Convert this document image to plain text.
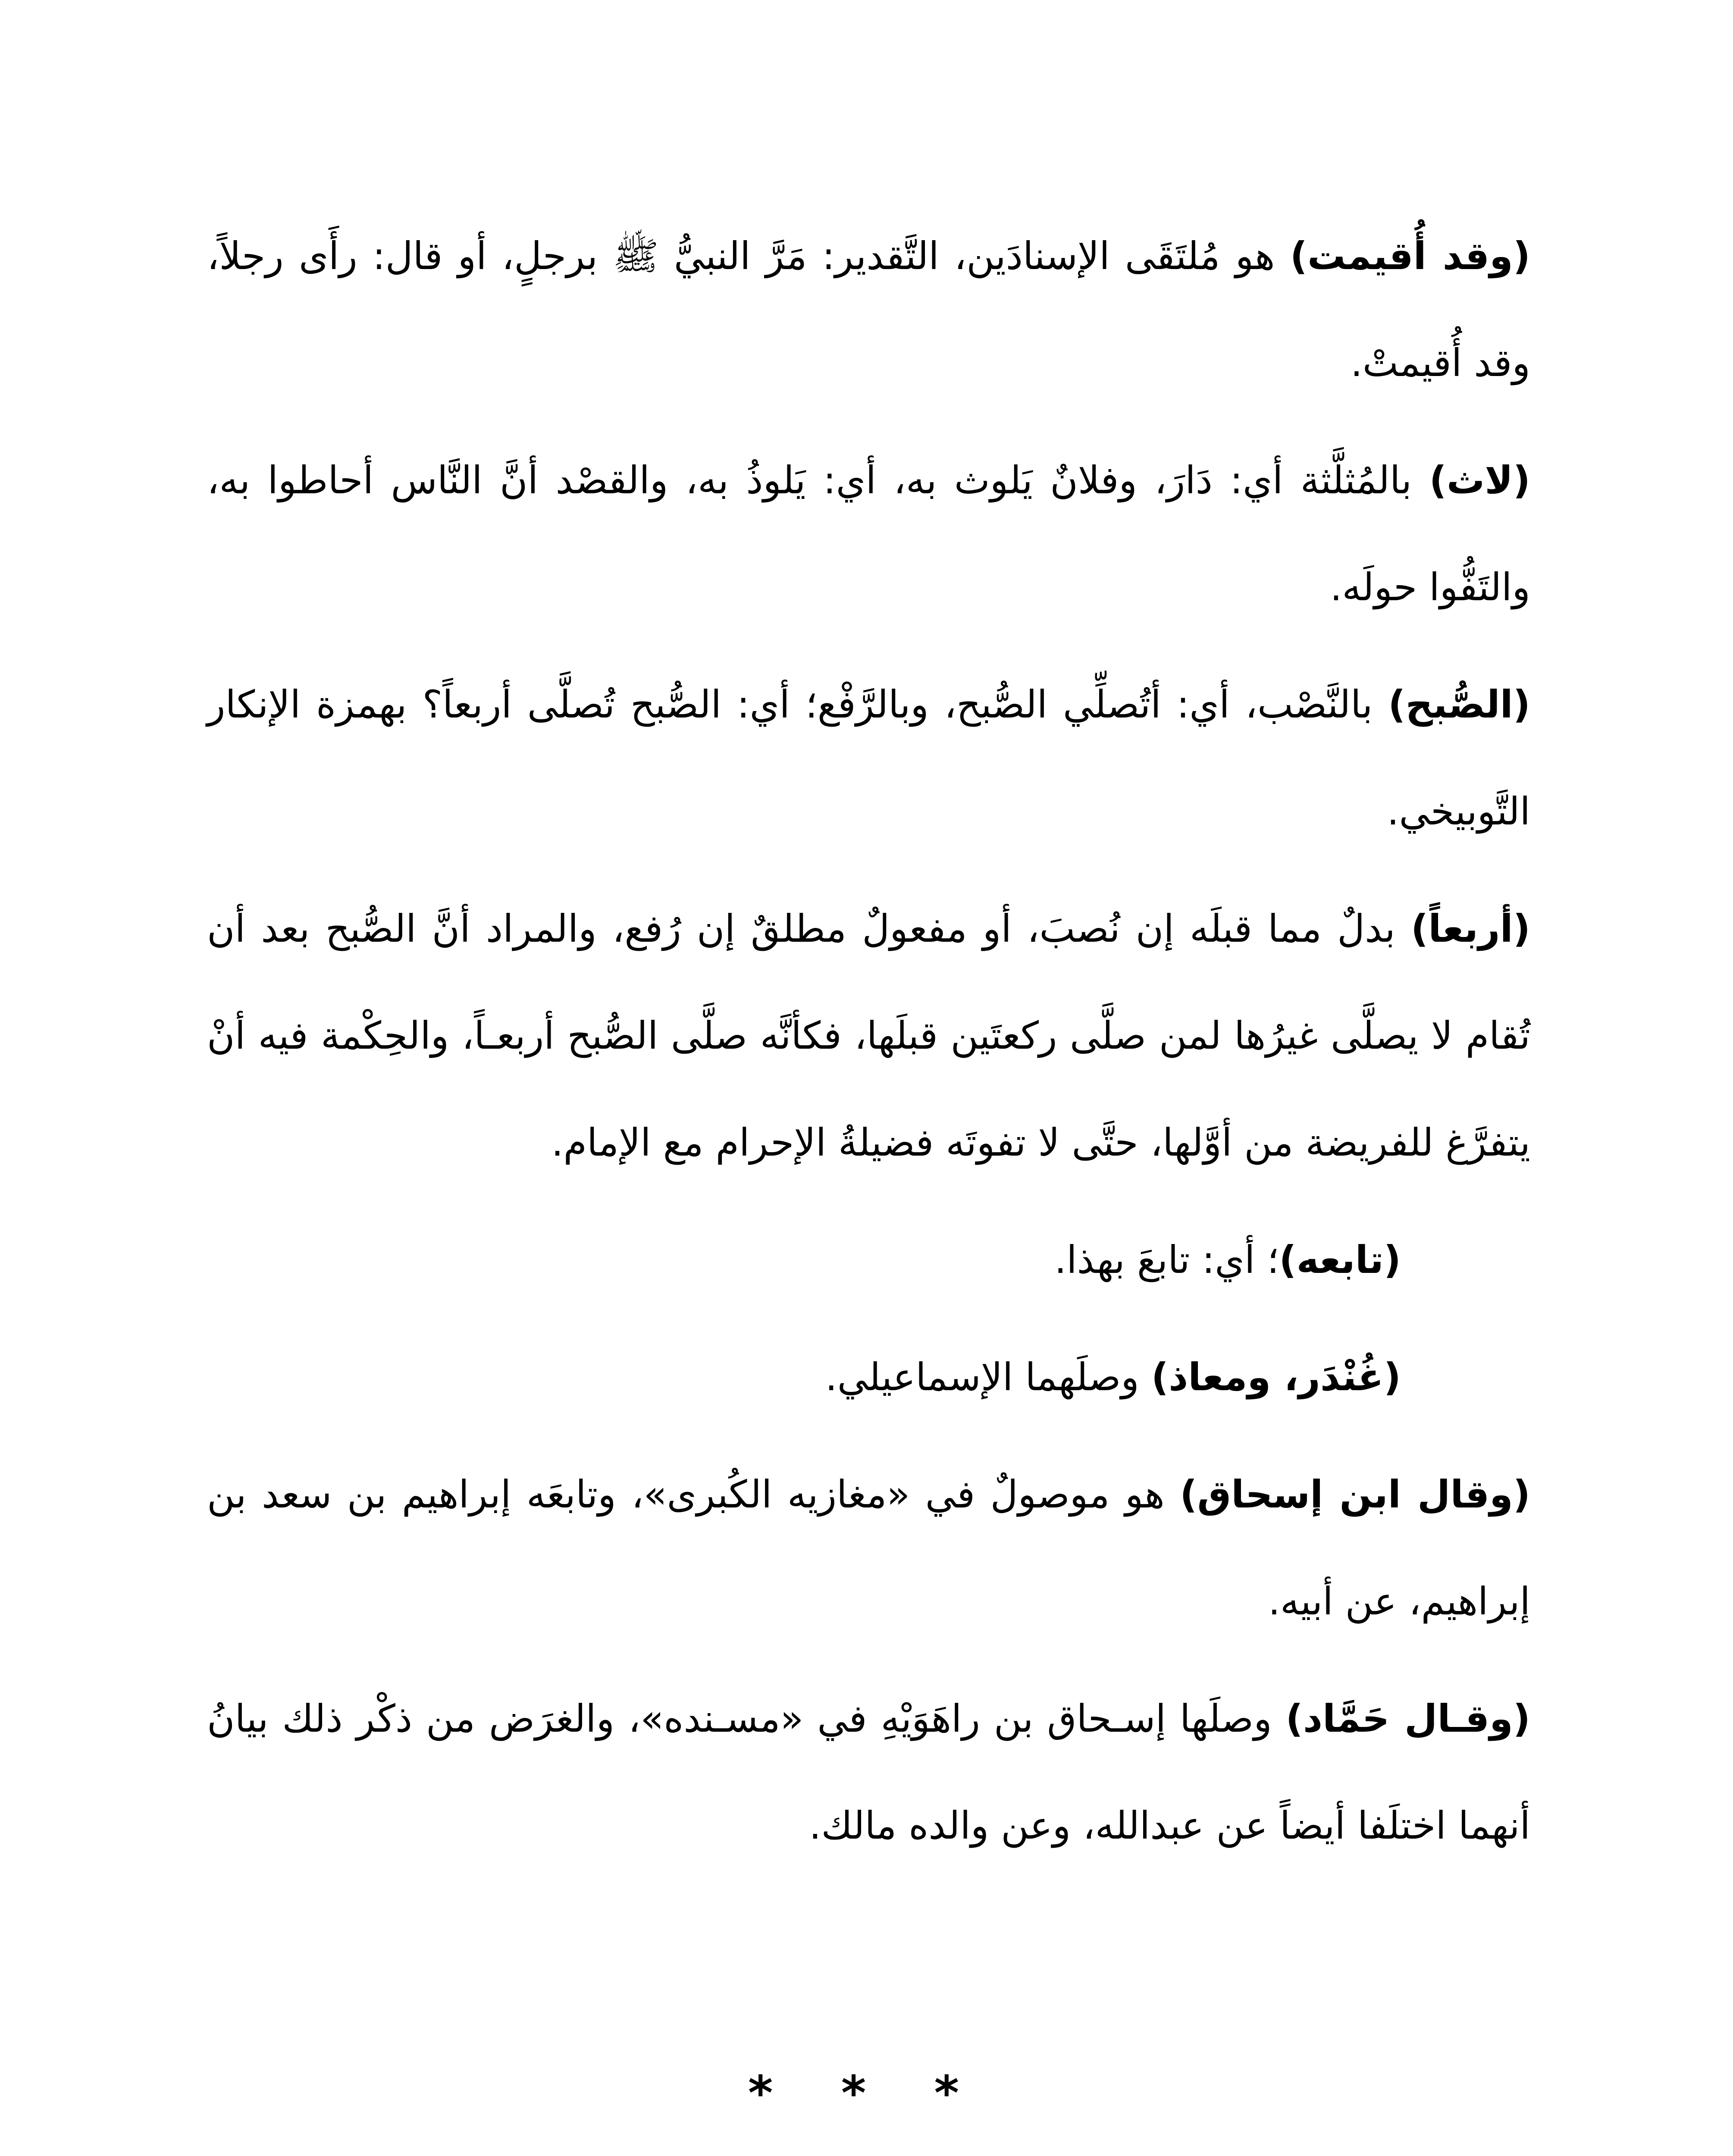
(وقد أُقيمت) هو مُلتَقَى الإسنادَين، التَّقدير: مَرَّ النبيُّ ﷺ برجلٍ، أو قال: رأَى رجلاً، وقد أُقيمتْ.

(لاث) بالمُثلَّثة أي: دَارَ، وفلانٌ يَلوث به، أي: يَلوذُ به، والقصْد أنَّ النَّاس أحاطوا به، والتَفُّوا حولَه.

(الصُّبح) بالنَّصْب، أي: أتُصلِّي الصُّبح، وبالرَّفْع؛ أي: الصُّبح تُصلَّى أربعاً؟ بهمزة الإنكار التَّوبيخي.

(أربعاً) بدلٌ مما قبلَه إن نُصبَ، أو مفعولٌ مطلقٌ إن رُفع، والمراد أنَّ الصُّبح بعد أن تُقام لا يصلَّى غيرُها لمن صلَّى ركعتَين قبلَها، فكأنَّه صلَّى الصُّبح أربعـاً، والحِكْمة فيه أنْ يتفرَّغ للفريضة من أوَّلها، حتَّى لا تفوتَه فضيلةُ الإحرام مع الإمام.

(تابعه)؛ أي: تابعَ بهذا.

(غُنْدَر، ومعاذ) وصلَهما الإسماعيلي.

(وقال ابن إسحاق) هو موصولٌ في «مغازيه الكُبرى»، وتابعَه إبراهيم بن سعد بن إبراهيم، عن أبيه.

(وقـال حَمَّاد) وصلَها إسـحاق بن راهَوَيْهِ في «مسـنده»، والغرَض من ذكْر ذلك بيانُ أنهما اختلَفا أيضاً عن عبدالله، وعن والده مالك.

* * *
